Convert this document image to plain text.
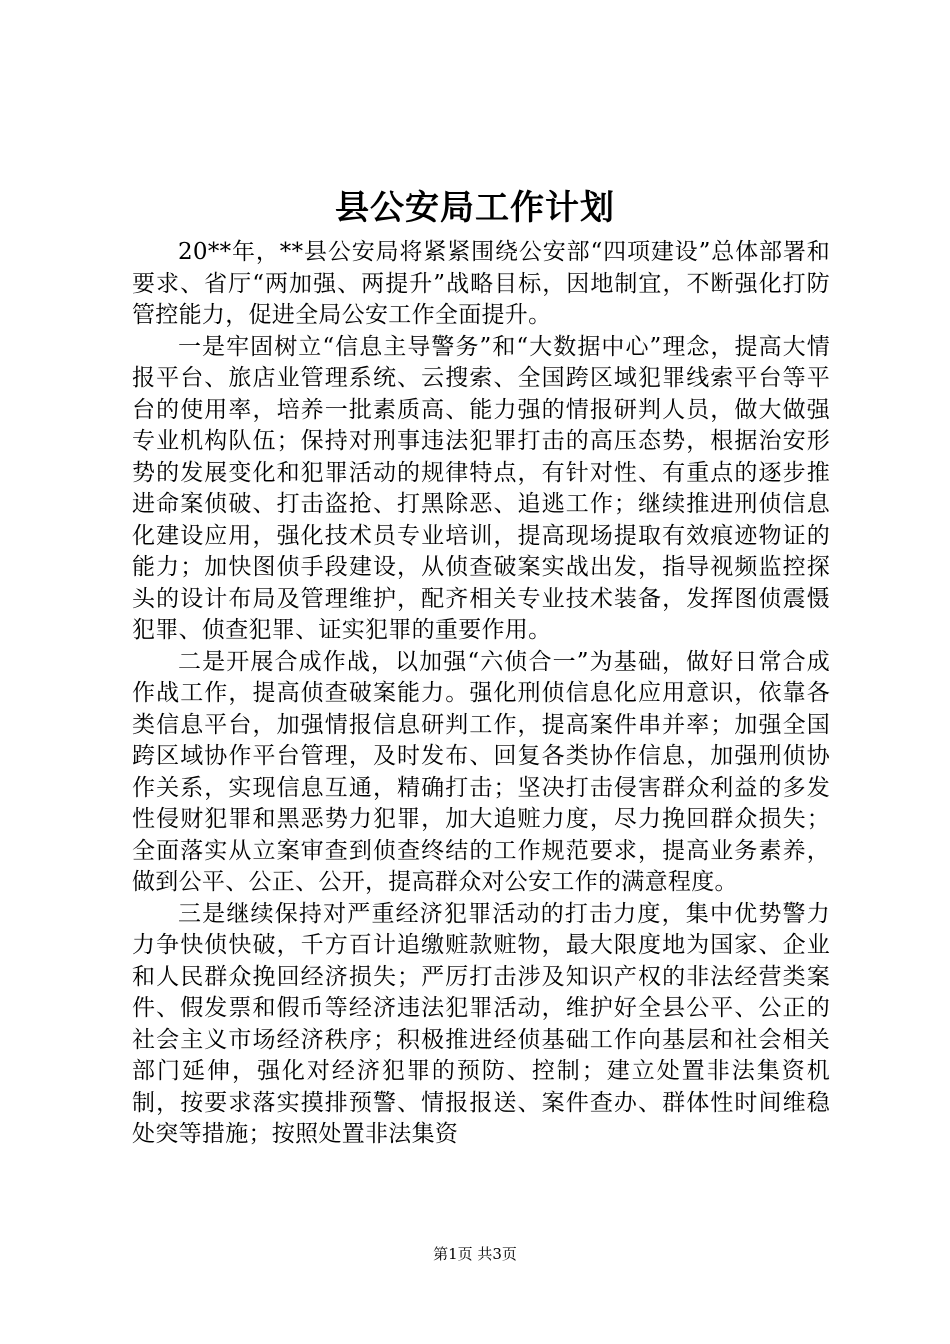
县公安局工作计划

20**年，**县公安局将紧紧围绕公安部“四项建设”总体部署和要求、省厅“两加强、两提升”战略目标，因地制宜，不断强化打防管控能力，促进全局公安工作全面提升。

一是牢固树立“信息主导警务”和“大数据中心”理念，提高大情报平台、旅店业管理系统、云搜索、全国跨区域犯罪线索平台等平台的使用率，培养一批素质高、能力强的情报研判人员，做大做强专业机构队伍；保持对刑事违法犯罪打击的高压态势，根据治安形势的发展变化和犯罪活动的规律特点，有针对性、有重点的逐步推进命案侦破、打击盗抢、打黑除恶、追逃工作；继续推进刑侦信息化建设应用，强化技术员专业培训，提高现场提取有效痕迹物证的能力；加快图侦手段建设，从侦查破案实战出发，指导视频监控探头的设计布局及管理维护，配齐相关专业技术装备，发挥图侦震慑犯罪、侦查犯罪、证实犯罪的重要作用。

二是开展合成作战，以加强“六侦合一”为基础，做好日常合成作战工作，提高侦查破案能力。强化刑侦信息化应用意识，依靠各类信息平台，加强情报信息研判工作，提高案件串并率；加强全国跨区域协作平台管理，及时发布、回复各类协作信息，加强刑侦协作关系，实现信息互通，精确打击；坚决打击侵害群众利益的多发性侵财犯罪和黑恶势力犯罪，加大追赃力度，尽力挽回群众损失；全面落实从立案审查到侦查终结的工作规范要求，提高业务素养，做到公平、公正、公开，提高群众对公安工作的满意程度。

三是继续保持对严重经济犯罪活动的打击力度，集中优势警力力争快侦快破，千方百计追缴赃款赃物，最大限度地为国家、企业和人民群众挽回经济损失；严厉打击涉及知识产权的非法经营类案件、假发票和假币等经济违法犯罪活动，维护好全县公平、公正的社会主义市场经济秩序；积极推进经侦基础工作向基层和社会相关部门延伸，强化对经济犯罪的预防、控制；建立处置非法集资机制，按要求落实摸排预警、情报报送、案件查办、群体性时间维稳处突等措施；按照处置非法集资

第1页 共3页
